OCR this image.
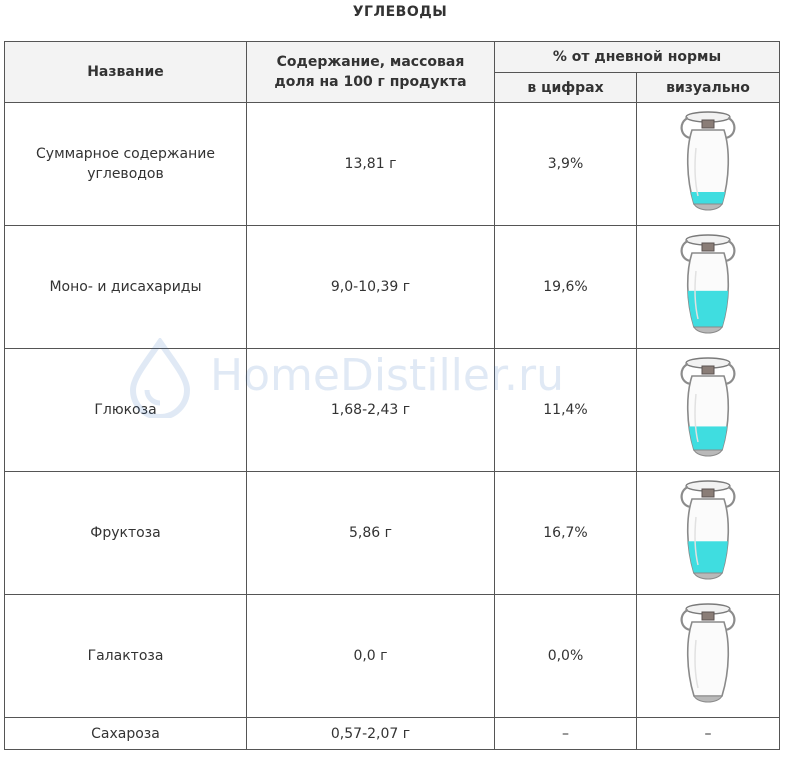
УГЛЕВОДЫ
Название	Содержание, массовая доля на 100 г продукта	% от дневной нормы	
		в цифрах	визуально
Суммарное содержание углеводов	13,81 г	3,9%	

Моно- и дисахариды	9,0-10,39 г	19,6%	

Глюкоза	1,68-2,43 г	11,4%	

Фруктоза	5,86 г	16,7%	

Галактоза	0,0 г	0,0%	

Сахароза	0,57-2,07 г	–	–
HomeDistiller.ru
